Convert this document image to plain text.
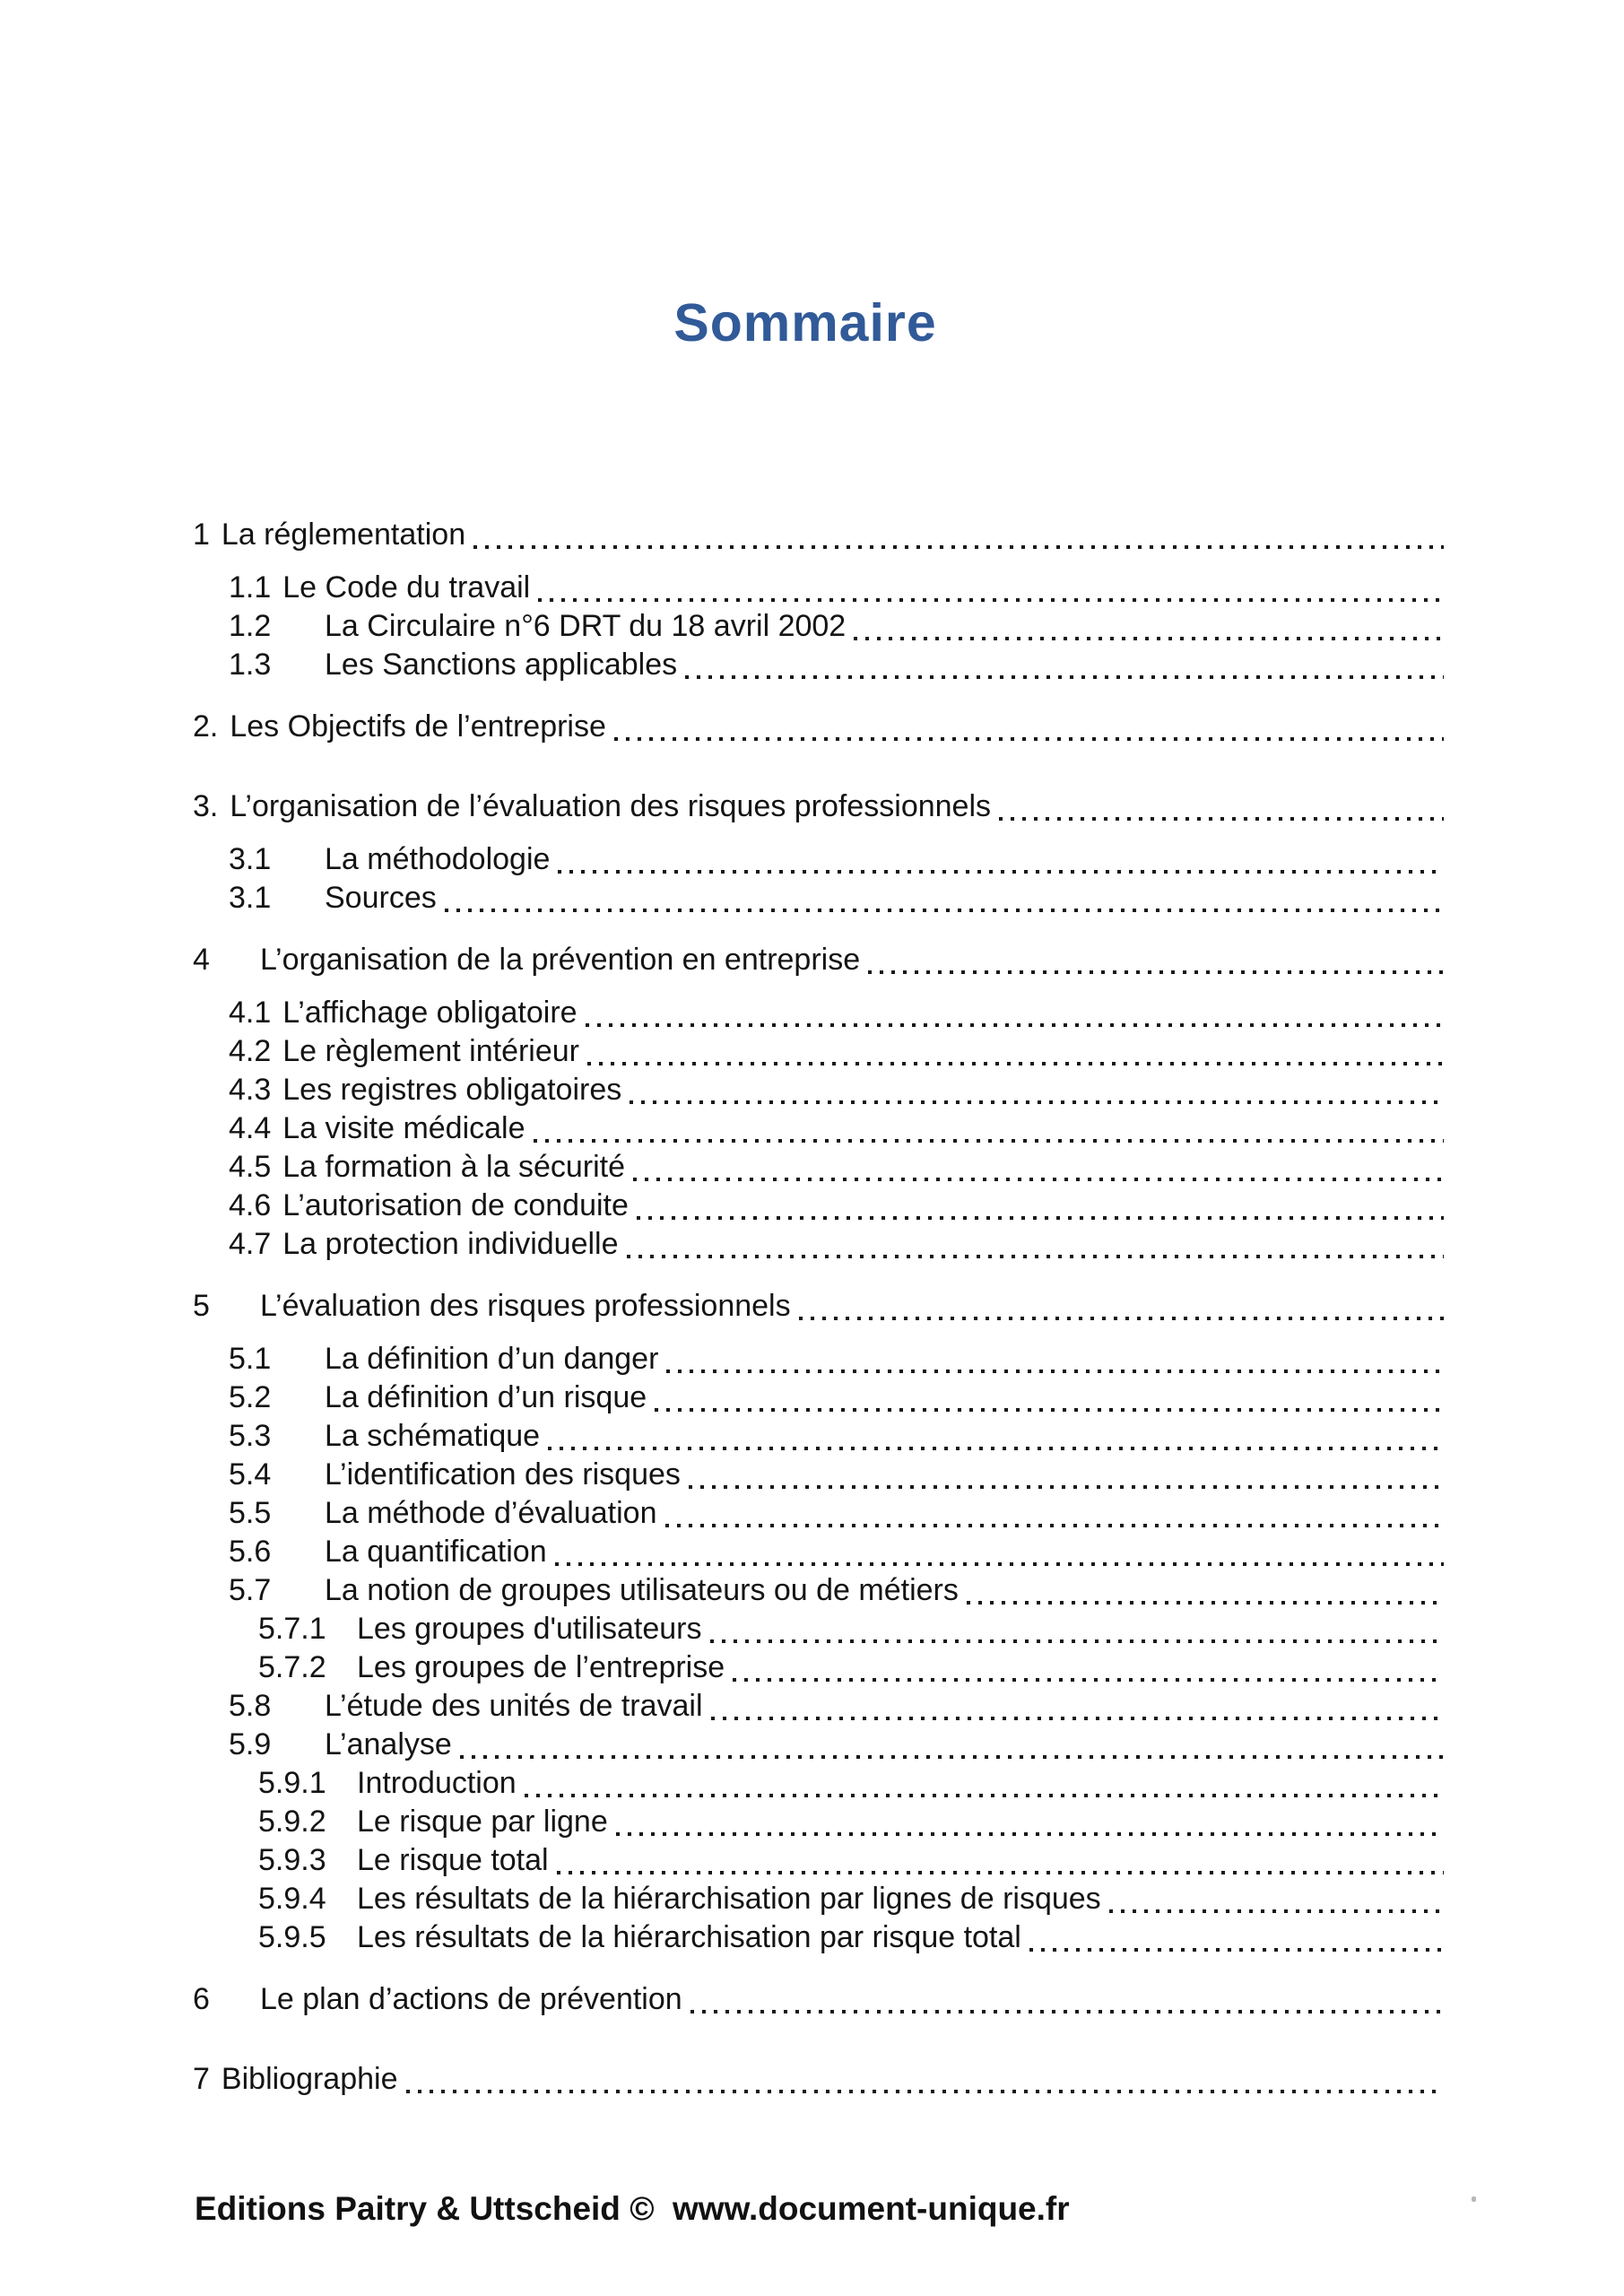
Sommaire
1 La réglementation
1.1 Le Code du travail
1.2	La Circulaire n°6 DRT du 18 avril 2002
1.3	Les Sanctions applicables
2. Les Objectifs de l’entreprise
3. L’organisation de l’évaluation des risques professionnels
3.1	La méthodologie
3.1	Sources
4	L’organisation de la prévention en entreprise
4.1 L’affichage obligatoire
4.2 Le règlement intérieur
4.3 Les registres obligatoires
4.4 La visite médicale
4.5 La formation à la sécurité
4.6 L’autorisation de conduite
4.7 La protection individuelle
5	L’évaluation des risques professionnels
5.1	La définition d’un danger
5.2	La définition d’un risque
5.3	La schématique
5.4	L’identification des risques
5.5	La méthode d’évaluation
5.6	La quantification
5.7	La notion de groupes utilisateurs ou de métiers
5.7.1	Les groupes d'utilisateurs
5.7.2	Les groupes de l’entreprise
5.8	L’étude des unités de travail
5.9	L’analyse
5.9.1	Introduction
5.9.2	Le risque par ligne
5.9.3	Le risque total
5.9.4	Les résultats de la hiérarchisation par lignes de risques
5.9.5	Les résultats de la hiérarchisation par risque total
6	Le plan d’actions de prévention
7 Bibliographie
Editions Paitry & Uttscheid ©  www.document-unique.fr
